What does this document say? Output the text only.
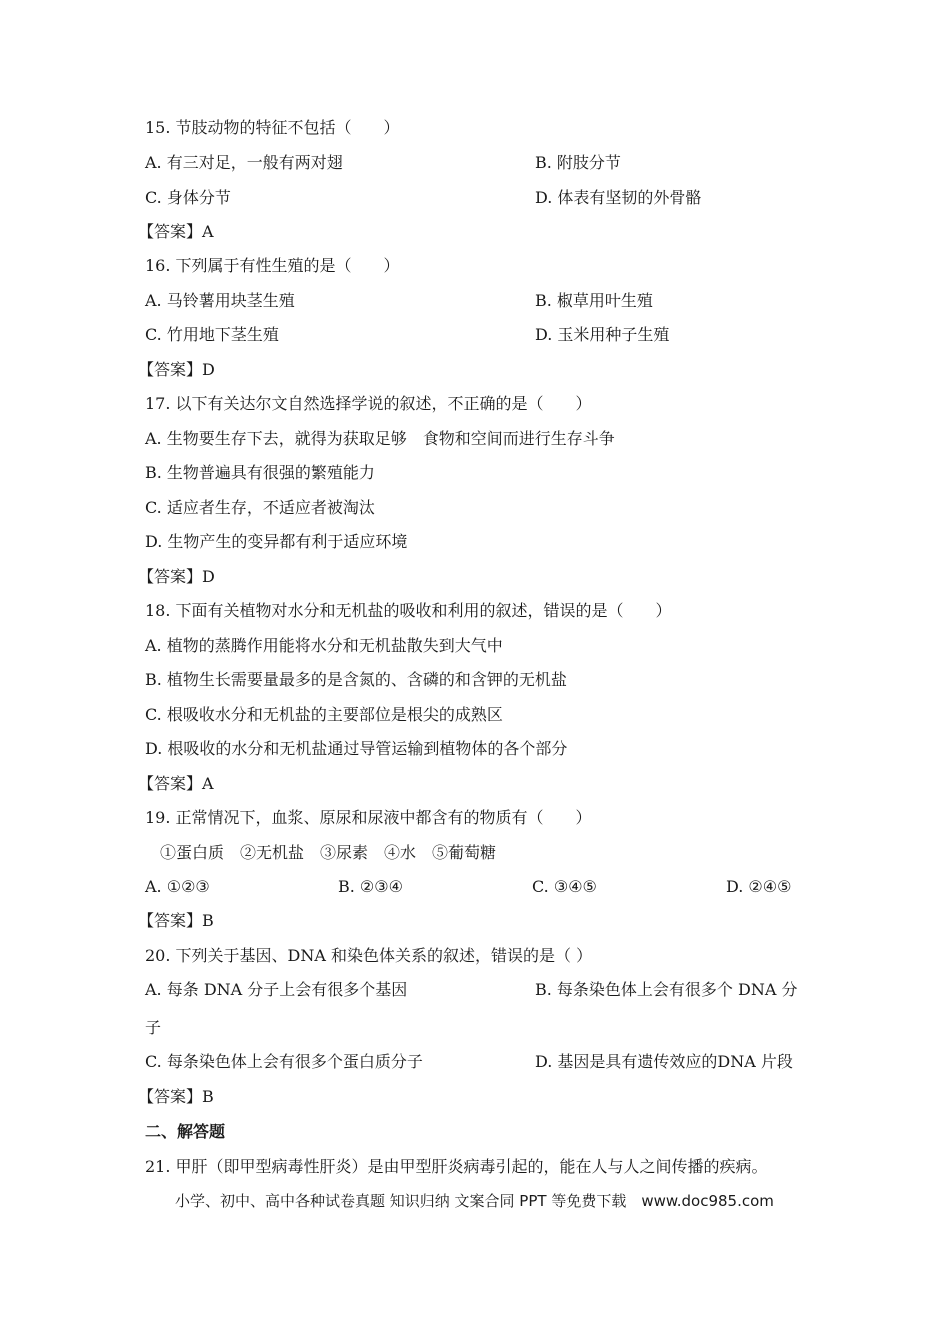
15. 节肢动物的特征不包括（　　）
A. 有三对足，一般有两对翅	B. 附肢分节
C. 身体分节	D. 体表有坚韧的外骨骼
【答案】A
16. 下列属于有性生殖的是（　　）
A. 马铃薯用块茎生殖	B. 椒草用叶生殖
C. 竹用地下茎生殖	D. 玉米用种子生殖
【答案】D
17. 以下有关达尔文自然选择学说的叙述，不正确的是（　　）
A. 生物要生存下去，就得为获取足够　食物和空间而进行生存斗争
B. 生物普遍具有很强的繁殖能力
C. 适应者生存，不适应者被淘汰
D. 生物产生的变异都有利于适应环境
【答案】D
18. 下面有关植物对水分和无机盐的吸收和利用的叙述，错误的是（　　）
A. 植物的蒸腾作用能将水分和无机盐散失到大气中
B. 植物生长需要量最多的是含氮的、含磷的和含钾的无机盐
C. 根吸收水分和无机盐的主要部位是根尖的成熟区
D. 根吸收的水分和无机盐通过导管运输到植物体的各个部分
【答案】A
19. 正常情况下，血浆、原尿和尿液中都含有的物质有（　　）
①蛋白质　②无机盐　③尿素　④水　⑤葡萄糖
A. ①②③	B. ②③④	C. ③④⑤	D. ②④⑤
【答案】B
20. 下列关于基因、DNA 和染色体关系的叙述，错误的是（ ）
A. 每条 DNA 分子上会有很多个基因	B. 每条染色体上会有很多个 DNA 分
子
C. 每条染色体上会有很多个蛋白质分子	D. 基因是具有遗传效应的DNA 片段
【答案】B
二、解答题
21. 甲肝（即甲型病毒性肝炎）是由甲型肝炎病毒引起的，能在人与人之间传播的疾病。
小学、初中、高中各种试卷真题 知识归纳 文案合同 PPT 等免费下载　www.doc985.com
